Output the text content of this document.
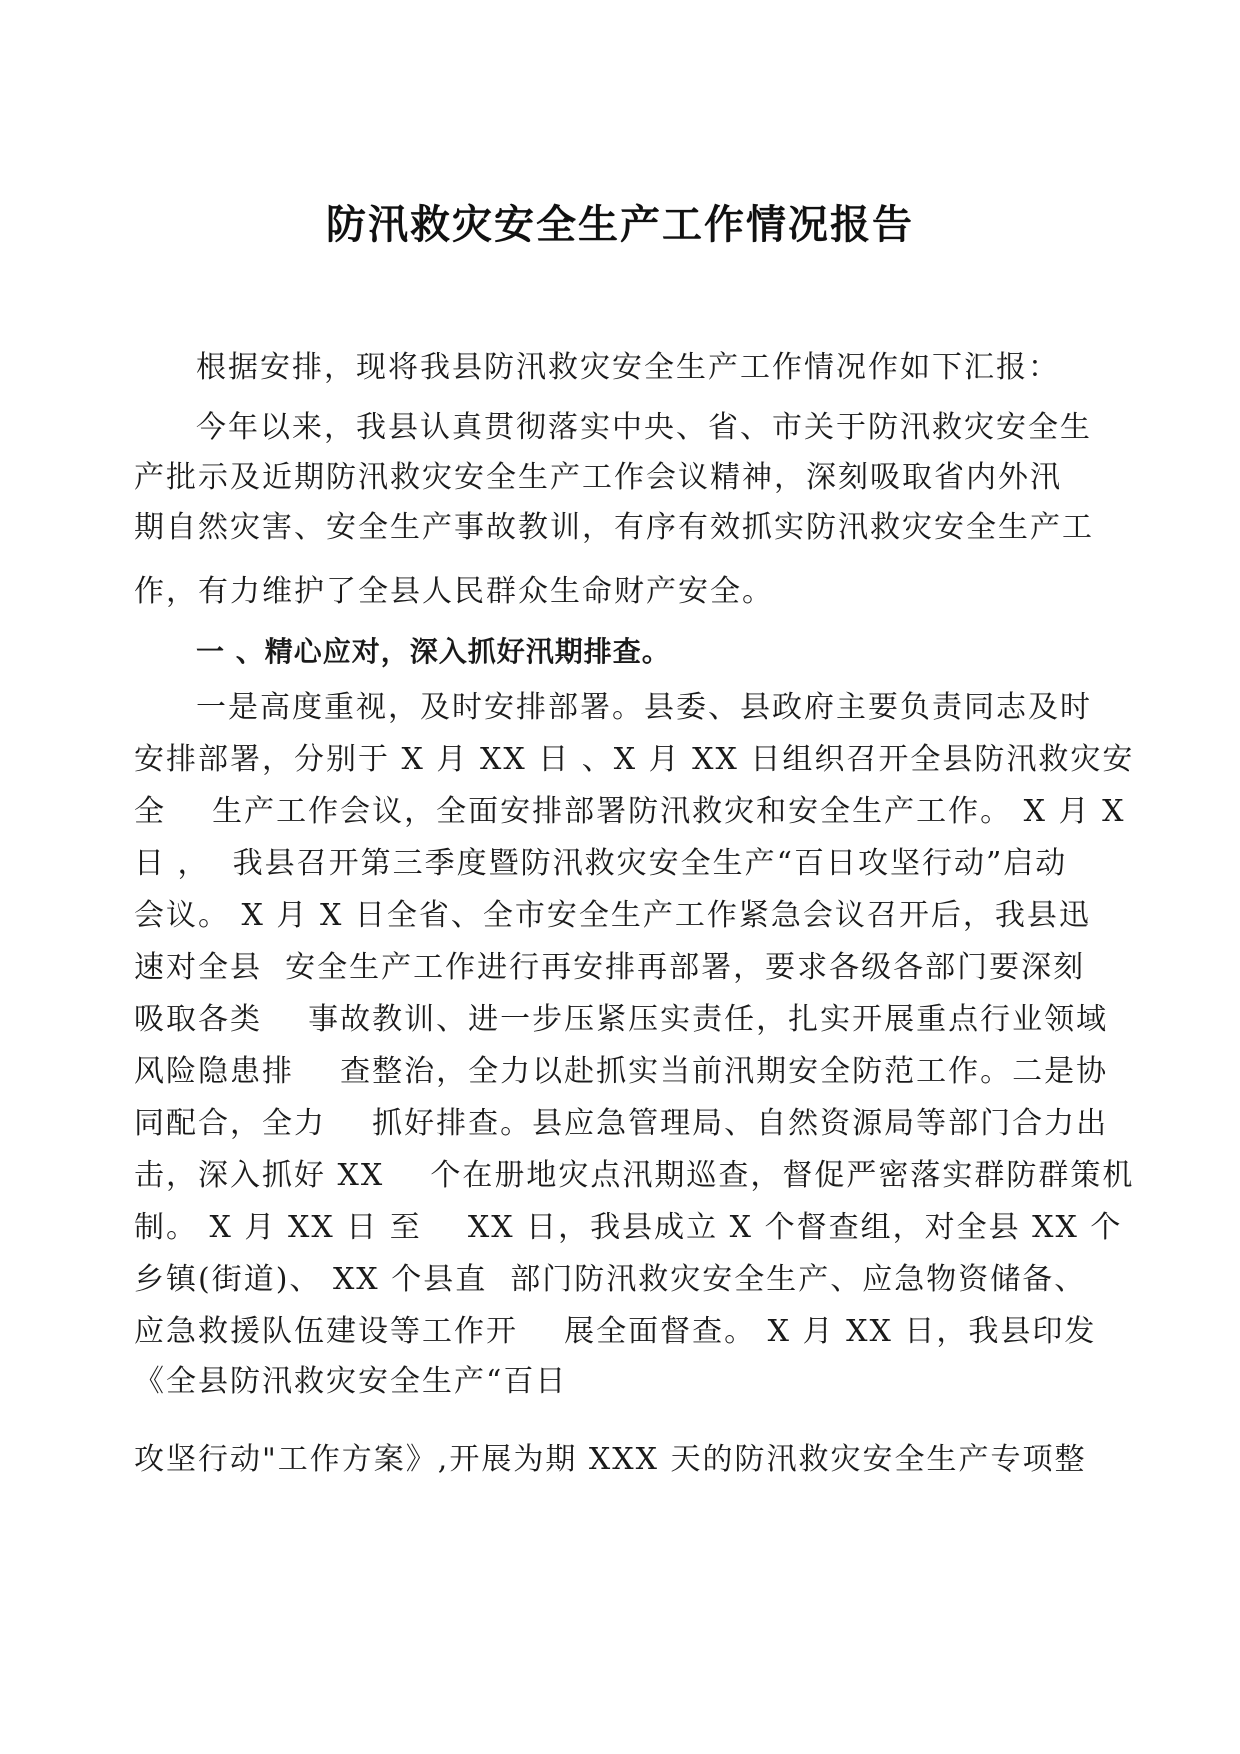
防汛救灾安全生产工作情况报告
根据安排，现将我县防汛救灾安全生产工作情况作如下汇报：
今年以来，我县认真贯彻落实中央、省、市关于防汛救灾安全生
产批示及近期防汛救灾安全生产工作会议精神，深刻吸取省内外汛
期自然灾害、安全生产事故教训，有序有效抓实防汛救灾安全生产工
作，有力维护了全县人民群众生命财产安全。
一 、精心应对，深入抓好汛期排查。
一是高度重视，及时安排部署。县委、县政府主要负责同志及时
安排部署，分别于 X 月 XX 日 、X 月 XX 日组织召开全县防汛救灾安
全    生产工作会议，全面安排部署防汛救灾和安全生产工作。 X 月 X
日 ，  我县召开第三季度暨防汛救灾安全生产“百日攻坚行动”启动
会议。 X 月 X 日全省、全市安全生产工作紧急会议召开后，我县迅
速对全县  安全生产工作进行再安排再部署，要求各级各部门要深刻
吸取各类    事故教训、进一步压紧压实责任，扎实开展重点行业领域
风险隐患排    查整治，全力以赴抓实当前汛期安全防范工作。二是协
同配合，全力    抓好排查。县应急管理局、自然资源局等部门合力出
击，深入抓好 XX    个在册地灾点汛期巡查，督促严密落实群防群策机
制。 X 月 XX 日 至    XX 日，我县成立 X 个督查组，对全县 XX 个
乡镇(街道)、 XX 个县直  部门防汛救灾安全生产、应急物资储备、
应急救援队伍建设等工作开    展全面督查。 X 月 XX 日，我县印发
《全县防汛救灾安全生产“百日
攻坚行动"工作方案》,开展为期 XXX 天的防汛救灾安全生产专项整
